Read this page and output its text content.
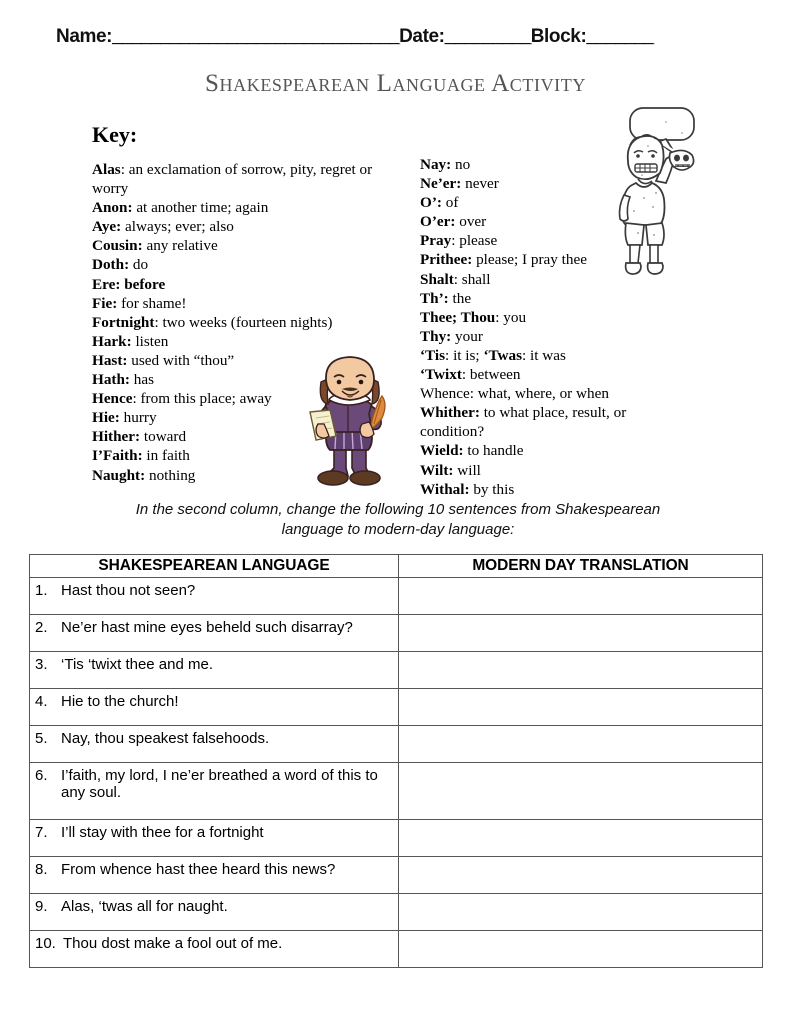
Name:______________________________Date:_________Block:_______
Shakespearean Language Activity
Key:
Alas: an exclamation of sorrow, pity, regret or worry
Anon: at another time; again
Aye: always; ever; also
Cousin: any relative
Doth: do
Ere: before
Fie: for shame!
Fortnight: two weeks (fourteen nights)
Hark: listen
Hast: used with “thou”
Hath: has
Hence: from this place; away
Hie: hurry
Hither: toward
I’Faith: in faith
Naught: nothing
Nay: no
Ne’er: never
O’: of
O’er: over
Pray: please
Prithee: please; I pray thee
Shalt: shall
Th’: the
Thee; Thou: you
Thy: your
‘Tis: it is; ‘Twas: it was
‘Twixt: between
Whence: what, where, or when
Whither: to what place, result, or condition?
Wield: to handle
Wilt: will
Withal: by this
In the second column, change the following 10 sentences from Shakespearean language to modern-day language:
SHAKESPEAREAN LANGUAGE	MODERN DAY TRANSLATION

1. Hast thou not seen?	

2. Ne’er hast mine eyes beheld such disarray?	

3. ‘Tis ‘twixt thee and me.	

4. Hie to the church!	

5. Nay, thou speakest falsehoods.	

6. I’faith, my lord, I ne’er breathed a word of this to any soul.	

7. I’ll stay with thee for a fortnight	

8. From whence hast thee heard this news?	

9. Alas, ‘twas all for naught.	

10. Thou dost make a fool out of me.	
